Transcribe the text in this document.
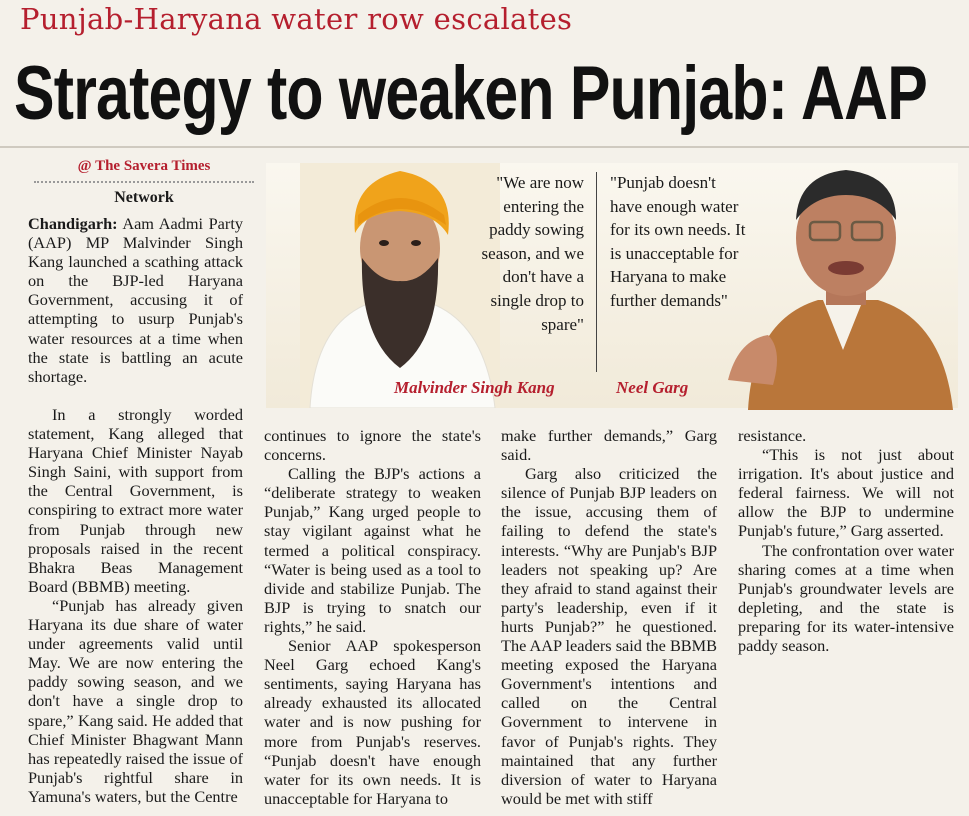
Punjab-Haryana water row escalates
Strategy to weaken Punjab: AAP
@ The Savera Times
Network
"We are now entering the paddy sowing season, and we don't have a single drop to spare"
"Punjab doesn't have enough water for its own needs. It is unacceptable for Haryana to make further demands"
Malvinder Singh Kang	Neel Garg

Chandigarh: Aam Aadmi Party (AAP) MP Malvinder Singh Kang launched a scathing attack on the BJP-led Haryana Government, accusing it of attempting to usurp Punjab's water resources at a time when the state is battling an acute shortage.

In a strongly worded statement, Kang alleged that Haryana Chief Minister Nayab Singh Saini, with support from the Central Government, is conspiring to extract more water from Punjab through new proposals raised in the recent Bhakra Beas Management Board (BBMB) meeting.

“Punjab has already given Haryana its due share of water under agreements valid until May. We are now entering the paddy sowing season, and we don't have a single drop to spare,” Kang said. He added that Chief Minister Bhagwant Mann has repeatedly raised the issue of Punjab's rightful share in Yamuna's waters, but the Centre

continues to ignore the state's concerns.

Calling the BJP's actions a “deliberate strategy to weaken Punjab,” Kang urged people to stay vigilant against what he termed a political conspiracy. “Water is being used as a tool to divide and stabilize Punjab. The BJP is trying to snatch our rights,” he said.

Senior AAP spokesperson Neel Garg echoed Kang's sentiments, saying Haryana has already exhausted its allocated water and is now pushing for more from Punjab's reserves. “Punjab doesn't have enough water for its own needs. It is unacceptable for Haryana to

make further demands,” Garg said.

Garg also criticized the silence of Punjab BJP leaders on the issue, accusing them of failing to defend the state's interests. “Why are Punjab's BJP leaders not speaking up? Are they afraid to stand against their party's leadership, even if it hurts Punjab?” he questioned. The AAP leaders said the BBMB meeting exposed the Haryana Government's intentions and called on the Central Government to intervene in favor of Punjab's rights. They maintained that any further diversion of water to Haryana would be met with stiff

resistance.

“This is not just about irrigation. It's about justice and federal fairness. We will not allow the BJP to undermine Punjab's future,” Garg asserted.

The confrontation over water sharing comes at a time when Punjab's groundwater levels are depleting, and the state is preparing for its water-intensive paddy season.
